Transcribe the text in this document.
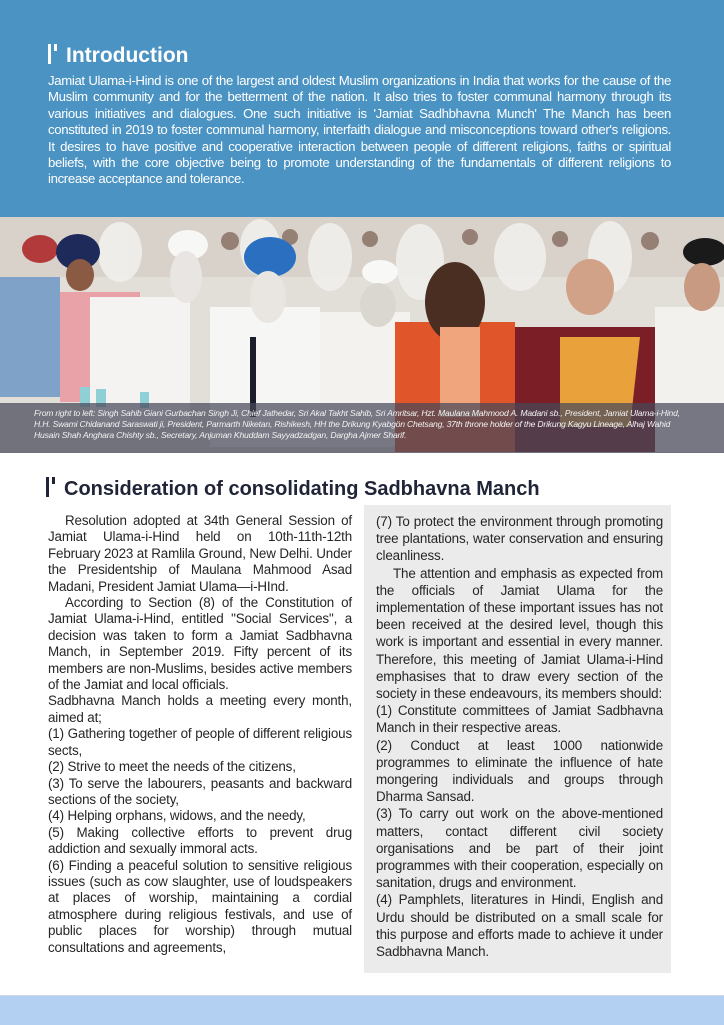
Introduction

Jamiat Ulama-i-Hind is one of the largest and oldest Muslim organizations in India that works for the cause of the Muslim community and for the betterment of the nation. It also tries to foster communal harmony through its various initiatives and dialogues. One such initiative is 'Jamiat Sadhbhavna Munch' The Manch has been constituted in 2019 to foster communal harmony, interfaith dialogue and misconceptions toward other's religions. It desires to have positive and cooperative interaction between people of different religions, faiths or spiritual beliefs, with the core objective being to promote understanding of the fundamentals of different religions to increase acceptance and tolerance.

From right to left: Singh Sahib Giani Gurbachan Singh Ji, Chief Jathedar, Sri Akal Takht Sahib, Sri Amritsar, Hzt. Maulana Mahmood A. Madani sb., President, Jamiat Ulama-i-Hind, H.H. Swami Chidanand Saraswati ji, President, Parmarth Niketan, Rishikesh, HH the Drikung Kyabgön Chetsang, 37th throne holder of the Drikung Kagyu Lineage, Alhaj Wahid Husain Shah Anghara Chishty sb., Secretary, Anjuman Khuddam Sayyadzadgan, Dargha Ajmer Sharif.

Consideration of consolidating Sadbhavna Manch

Resolution adopted at 34th General Session of Jamiat Ulama-i-Hind held on 10th-11th-12th February 2023 at Ramlila Ground, New Delhi. Under the Presidentship of Maulana Mahmood Asad Madani, President Jamiat Ulama—i-HInd.

According to Section (8) of the Constitution of Jamiat Ulama-i-Hind, entitled "Social Services", a decision was taken to form a Jamiat Sadbhavna Manch, in September 2019. Fifty percent of its members are non-Muslims, besides active members of the Jamiat and local officials.

Sadbhavna Manch holds a meeting every month, aimed at;

(1) Gathering together of people of different religious sects,

(2) Strive to meet the needs of the citizens,

(3) To serve the labourers, peasants and backward sections of the society,

(4) Helping orphans, widows, and the needy,

(5) Making collective efforts to prevent drug addiction and sexually immoral acts.

(6) Finding a peaceful solution to sensitive religious issues (such as cow slaughter, use of loudspeakers at places of worship, maintaining a cordial atmosphere during religious festivals, and use of public places for worship) through mutual consultations and agreements,

(7) To protect the environment through promoting tree plantations, water conservation and ensuring cleanliness.

The attention and emphasis as expected from the officials of Jamiat Ulama for the implementation of these important issues has not been received at the desired level, though this work is important and essential in every manner. Therefore, this meeting of Jamiat Ulama-i-Hind emphasises that to draw every section of the society in these endeavours, its members should:

(1) Constitute committees of Jamiat Sadbhavna Manch in their respective areas.

(2) Conduct at least 1000 nationwide programmes to eliminate the influence of hate mongering individuals and groups through Dharma Sansad.

(3) To carry out work on the above-mentioned matters, contact different civil society organisations and be part of their joint programmes with their cooperation, especially on sanitation, drugs and environment.

(4) Pamphlets, literatures in Hindi, English and Urdu should be distributed on a small scale for this purpose and efforts made to achieve it under Sadbhavna Manch.
